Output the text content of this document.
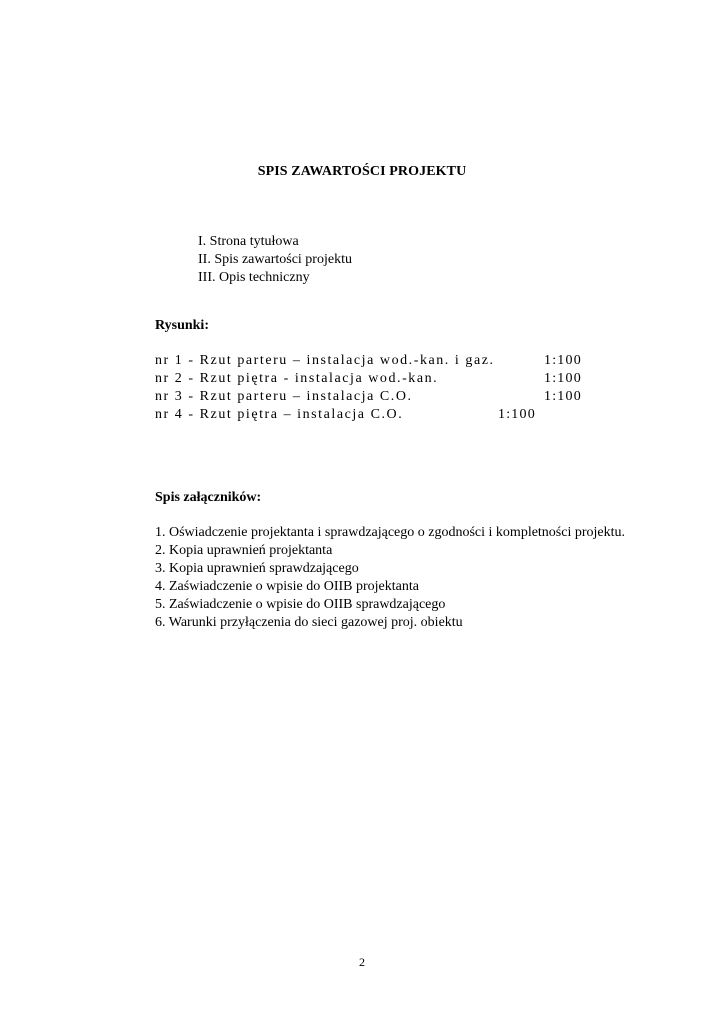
SPIS ZAWARTOŚCI PROJEKTU
I. Strona tytułowa
II. Spis zawartości projektu
III. Opis techniczny
Rysunki:
nr 1 - Rzut parteru – instalacja wod.-kan. i gaz.	1:100
nr 2 - Rzut piętra - instalacja wod.-kan.	1:100
nr 3 - Rzut parteru – instalacja C.O.	1:100
nr 4 - Rzut piętra – instalacja C.O.	1:100
Spis załączników:
1. Oświadczenie projektanta i sprawdzającego o zgodności i kompletności projektu.
2. Kopia uprawnień projektanta
3. Kopia uprawnień sprawdzającego
4. Zaświadczenie o wpisie do OIIB projektanta
5. Zaświadczenie o wpisie do OIIB sprawdzającego
6. Warunki przyłączenia do sieci gazowej proj. obiektu
2
